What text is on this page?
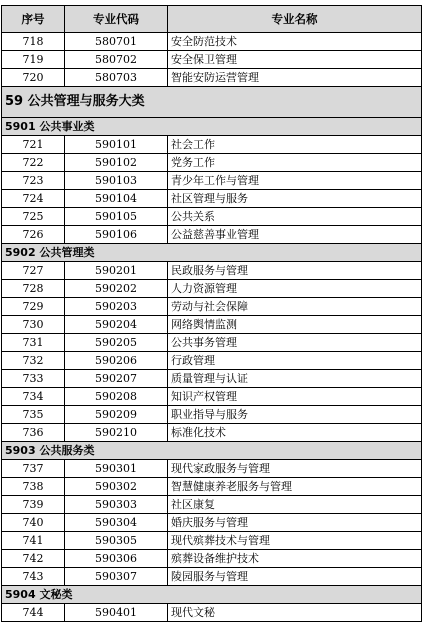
序号	专业代码	专业名称
718	580701	安全防范技术
719	580702	安全保卫管理
720	580703	智能安防运营管理
59 公共管理与服务大类		
5901 公共事业类		
721	590101	社会工作
722	590102	党务工作
723	590103	青少年工作与管理
724	590104	社区管理与服务
725	590105	公共关系
726	590106	公益慈善事业管理
5902 公共管理类		
727	590201	民政服务与管理
728	590202	人力资源管理
729	590203	劳动与社会保障
730	590204	网络舆情监测
731	590205	公共事务管理
732	590206	行政管理
733	590207	质量管理与认证
734	590208	知识产权管理
735	590209	职业指导与服务
736	590210	标准化技术
5903 公共服务类		
737	590301	现代家政服务与管理
738	590302	智慧健康养老服务与管理
739	590303	社区康复
740	590304	婚庆服务与管理
741	590305	现代殡葬技术与管理
742	590306	殡葬设备维护技术
743	590307	陵园服务与管理
5904 文秘类		
744	590401	现代文秘
